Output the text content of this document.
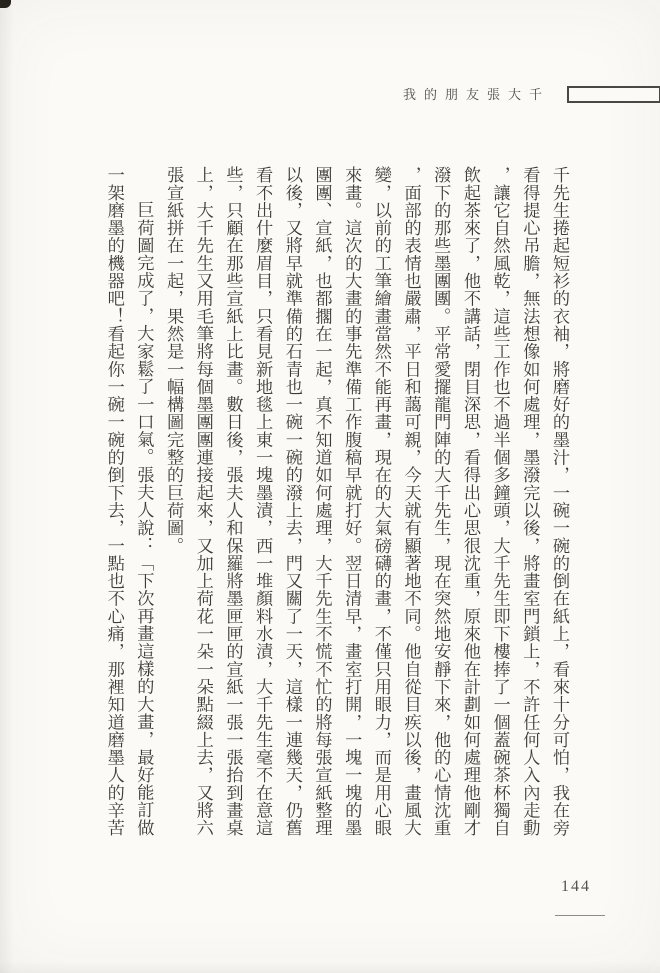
我的朋友張大千
千先生捲起短衫的衣袖，將磨好的墨汁，一碗一碗的倒在紙上，看來十分可怕，我在旁
看得提心吊膽，無法想像如何處理，墨潑完以後，將畫室門鎖上，不許任何人入內走動
，讓它自然風乾，這些工作也不過半個多鐘頭，大千先生即下樓捧了一個蓋碗茶杯獨自
飲起茶來了，他不講話，閉目深思，看得出心思很沈重，原來他在計劃如何處理他剛才
潑下的那些墨團團。平常愛擺龍門陣的大千先生，現在突然地安靜下來，他的心情沈重
，面部的表情也嚴肅，平日和藹可親，今天就有顯著地不同。他自從目疾以後，畫風大
變，以前的工筆繪畫當然不能再畫，現在的大氣磅礴的畫，不僅只用眼力，而是用心眼
來畫。這次的大畫的事先準備工作腹稿早就打好。翌日清早，畫室打開，一塊一塊的墨
團團、宣紙，也都擱在一起，真不知道如何處理，大千先生不慌不忙的將每張宣紙整理
以後，又將早就準備的石青也一碗一碗的潑上去，門又關了一天，這樣一連幾天，仍舊
看不出什麼眉目，只看見新地毯上東一塊墨漬，西一堆顏料水漬，大千先生毫不在意這
些，只顧在那些宣紙上比畫。數日後，張夫人和保羅將墨匣匣的宣紙一張一張抬到畫桌
上，大千先生又用毛筆將每個墨團團連接起來，又加上荷花一朵一朵點綴上去，又將六
張宣紙拼在一起，果然是一幅構圖完整的巨荷圖。
巨荷圖完成了，大家鬆了一口氣。張夫人說：「下次再畫這樣的大畫，最好能訂做
一架磨墨的機器吧！看起你一碗一碗的倒下去，一點也不心痛，那裡知道磨墨人的辛苦
144
